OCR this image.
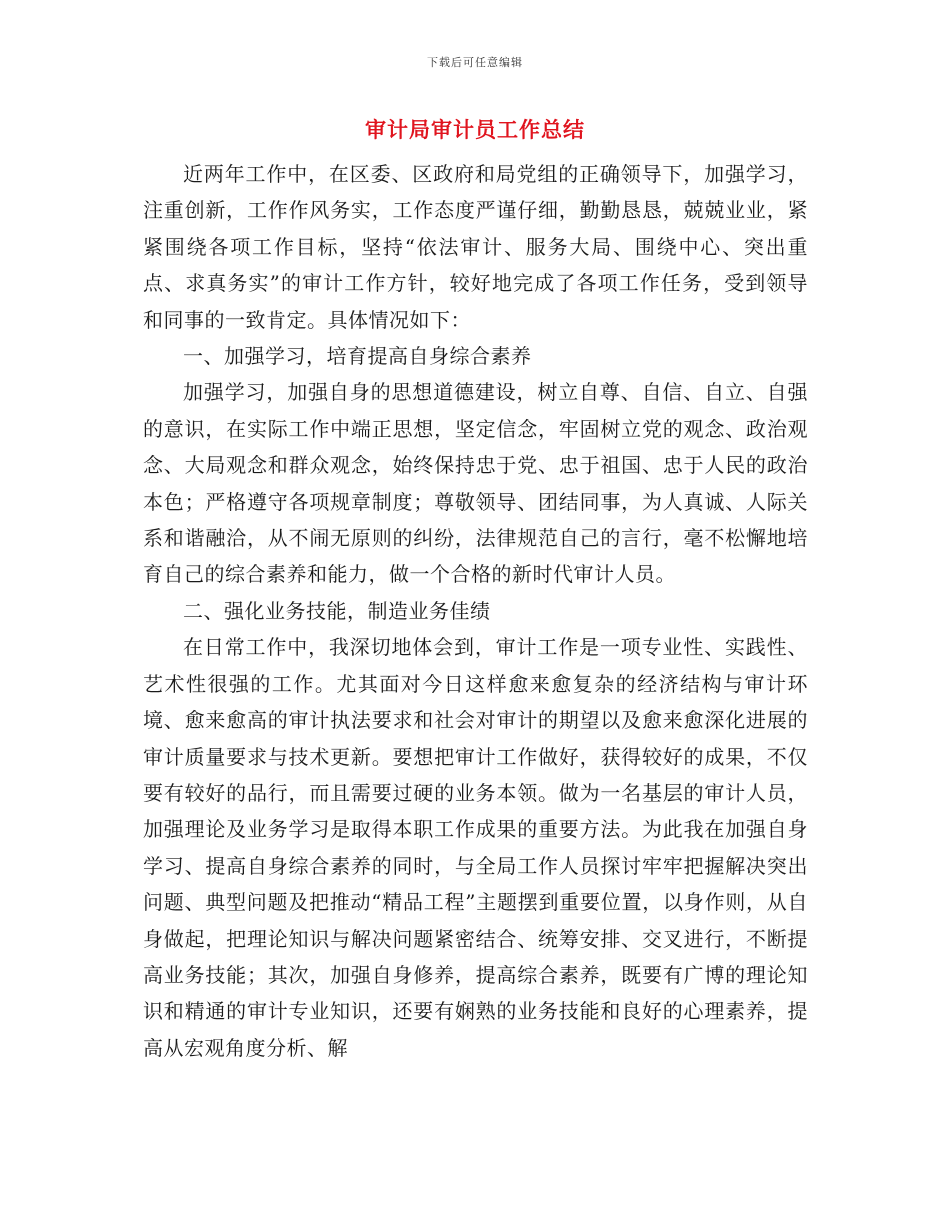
下载后可任意编辑
审计局审计员工作总结

近两年工作中，在区委、区政府和局党组的正确领导下，加强学习，注重创新，工作作风务实，工作态度严谨仔细，勤勤恳恳，兢兢业业，紧紧围绕各项工作目标，坚持“依法审计、服务大局、围绕中心、突出重点、求真务实”的审计工作方针，较好地完成了各项工作任务，受到领导和同事的一致肯定。具体情况如下：

一、加强学习，培育提高自身综合素养

加强学习，加强自身的思想道德建设，树立自尊、自信、自立、自强的意识，在实际工作中端正思想，坚定信念，牢固树立党的观念、政治观念、大局观念和群众观念，始终保持忠于党、忠于祖国、忠于人民的政治本色；严格遵守各项规章制度；尊敬领导、团结同事，为人真诚、人际关系和谐融洽，从不闹无原则的纠纷，法律规范自己的言行，毫不松懈地培育自己的综合素养和能力，做一个合格的新时代审计人员。

二、强化业务技能，制造业务佳绩

在日常工作中，我深切地体会到，审计工作是一项专业性、实践性、艺术性很强的工作。尤其面对今日这样愈来愈复杂的经济结构与审计环境、愈来愈高的审计执法要求和社会对审计的期望以及愈来愈深化进展的审计质量要求与技术更新。要想把审计工作做好，获得较好的成果，不仅要有较好的品行，而且需要过硬的业务本领。做为一名基层的审计人员，加强理论及业务学习是取得本职工作成果的重要方法。为此我在加强自身学习、提高自身综合素养的同时，与全局工作人员探讨牢牢把握解决突出问题、典型问题及把推动“精品工程”主题摆到重要位置，以身作则，从自身做起，把理论知识与解决问题紧密结合、统筹安排、交叉进行，不断提高业务技能；其次，加强自身修养，提高综合素养，既要有广博的理论知识和精通的审计专业知识，还要有娴熟的业务技能和良好的心理素养，提高从宏观角度分析、解
